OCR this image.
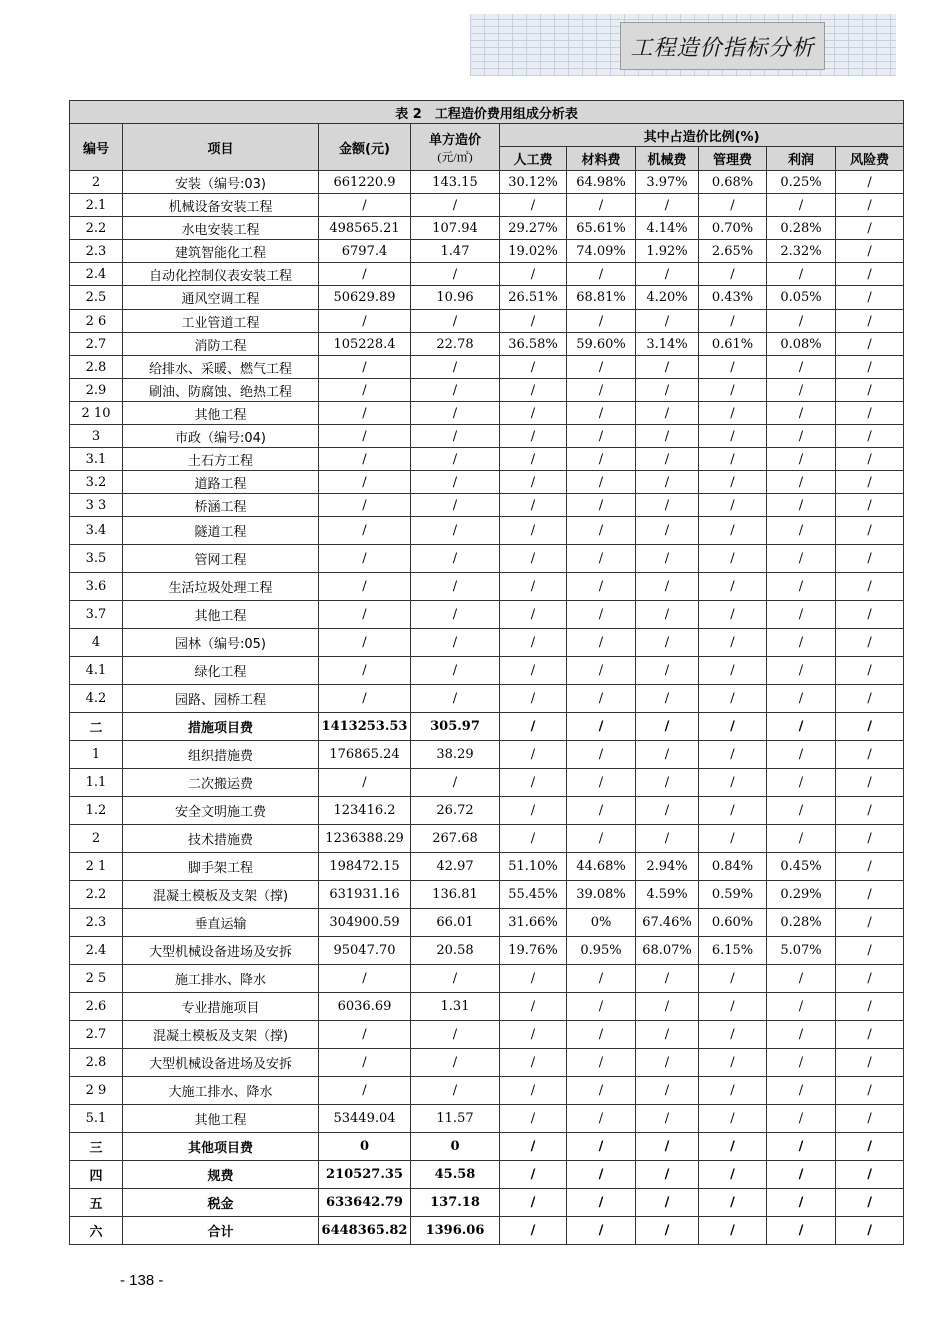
工程造价指标分析
表 2　工程造价费用组成分析表									
编号	项目	金额(元)	单方造价
(元/㎡)	其中占造价比例(%)					
				人工费	材料费	机械费	管理费	利润	风险费
2	安装（编号:03)	661220.9	143.15	30.12%	64.98%	3.97%	0.68%	0.25%	/
2.1	机械设备安装工程	/	/	/	/	/	/	/	/
2.2	水电安装工程	498565.21	107.94	29.27%	65.61%	4.14%	0.70%	0.28%	/
2.3	建筑智能化工程	6797.4	1.47	19.02%	74.09%	1.92%	2.65%	2.32%	/
2.4	自动化控制仪表安装工程	/	/	/	/	/	/	/	/
2.5	通风空调工程	50629.89	10.96	26.51%	68.81%	4.20%	0.43%	0.05%	/
2 6	工业管道工程	/	/	/	/	/	/	/	/
2.7	消防工程	105228.4	22.78	36.58%	59.60%	3.14%	0.61%	0.08%	/
2.8	给排水、采暖、燃气工程	/	/	/	/	/	/	/	/
2.9	刷油、防腐蚀、绝热工程	/	/	/	/	/	/	/	/
2 10	其他工程	/	/	/	/	/	/	/	/
3	市政（编号:04)	/	/	/	/	/	/	/	/
3.1	土石方工程	/	/	/	/	/	/	/	/
3.2	道路工程	/	/	/	/	/	/	/	/
3 3	桥涵工程	/	/	/	/	/	/	/	/
3.4	隧道工程	/	/	/	/	/	/	/	/
3.5	管网工程	/	/	/	/	/	/	/	/
3.6	生活垃圾处理工程	/	/	/	/	/	/	/	/
3.7	其他工程	/	/	/	/	/	/	/	/
4	园林（编号:05)	/	/	/	/	/	/	/	/
4.1	绿化工程	/	/	/	/	/	/	/	/
4.2	园路、园桥工程	/	/	/	/	/	/	/	/
二	措施项目费	1413253.53	305.97	/	/	/	/	/	/
1	组织措施费	176865.24	38.29	/	/	/	/	/	/
1.1	二次搬运费	/	/	/	/	/	/	/	/
1.2	安全文明施工费	123416.2	26.72	/	/	/	/	/	/
2	技术措施费	1236388.29	267.68	/	/	/	/	/	/
2 1	脚手架工程	198472.15	42.97	51.10%	44.68%	2.94%	0.84%	0.45%	/
2.2	混凝土模板及支架（撑)	631931.16	136.81	55.45%	39.08%	4.59%	0.59%	0.29%	/
2.3	垂直运输	304900.59	66.01	31.66%	0%	67.46%	0.60%	0.28%	/
2.4	大型机械设备进场及安拆	95047.70	20.58	19.76%	0.95%	68.07%	6.15%	5.07%	/
2 5	施工排水、降水	/	/	/	/	/	/	/	/
2.6	专业措施项目	6036.69	1.31	/	/	/	/	/	/
2.7	混凝土模板及支架（撑)	/	/	/	/	/	/	/	/
2.8	大型机械设备进场及安拆	/	/	/	/	/	/	/	/
2 9	大施工排水、降水	/	/	/	/	/	/	/	/
5.1	其他工程	53449.04	11.57	/	/	/	/	/	/
三	其他项目费	0	0	/	/	/	/	/	/
四	规费	210527.35	45.58	/	/	/	/	/	/
五	税金	633642.79	137.18	/	/	/	/	/	/
六	合计	6448365.82	1396.06	/	/	/	/	/	/
- 138 -
